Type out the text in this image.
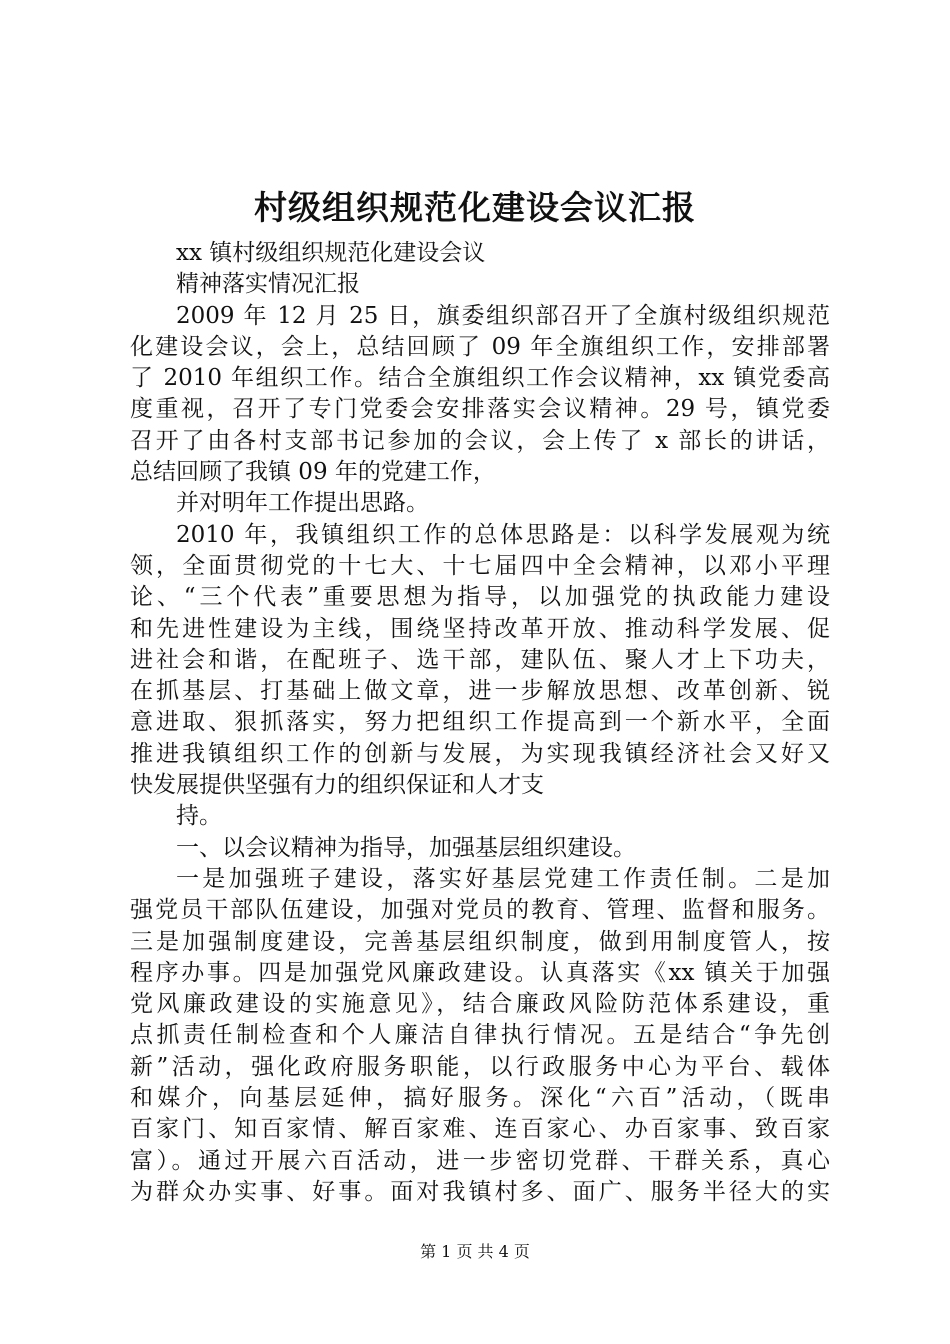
村级组织规范化建设会议汇报
xx 镇村级组织规范化建设会议
精神落实情况汇报
2009 年 12 月 25 日，旗委组织部召开了全旗村级组织规范
化建设会议，会上，总结回顾了 09 年全旗组织工作，安排部署
了 2010 年组织工作。结合全旗组织工作会议精神，xx 镇党委高
度重视，召开了专门党委会安排落实会议精神。29 号，镇党委
召开了由各村支部书记参加的会议，会上传了 x 部长的讲话，
总结回顾了我镇 09 年的党建工作，
并对明年工作提出思路。
2010 年，我镇组织工作的总体思路是：以科学发展观为统
领，全面贯彻党的十七大、十七届四中全会精神，以邓小平理
论、“三个代表”重要思想为指导，以加强党的执政能力建设
和先进性建设为主线，围绕坚持改革开放、推动科学发展、促
进社会和谐，在配班子、选干部，建队伍、聚人才上下功夫，
在抓基层、打基础上做文章，进一步解放思想、改革创新、锐
意进取、狠抓落实，努力把组织工作提高到一个新水平，全面
推进我镇组织工作的创新与发展，为实现我镇经济社会又好又
快发展提供坚强有力的组织保证和人才支
持。
一、以会议精神为指导，加强基层组织建设。
一是加强班子建设，落实好基层党建工作责任制。二是加
强党员干部队伍建设，加强对党员的教育、管理、监督和服务。
三是加强制度建设，完善基层组织制度，做到用制度管人，按
程序办事。四是加强党风廉政建设。认真落实《xx 镇关于加强
党风廉政建设的实施意见》，结合廉政风险防范体系建设，重
点抓责任制检查和个人廉洁自律执行情况。五是结合“争先创
新”活动，强化政府服务职能，以行政服务中心为平台、载体
和媒介，向基层延伸，搞好服务。深化“六百”活动，（既串
百家门、知百家情、解百家难、连百家心、办百家事、致百家
富）。通过开展六百活动，进一步密切党群、干群关系，真心
为群众办实事、好事。面对我镇村多、面广、服务半径大的实
第 1 页 共 4 页
